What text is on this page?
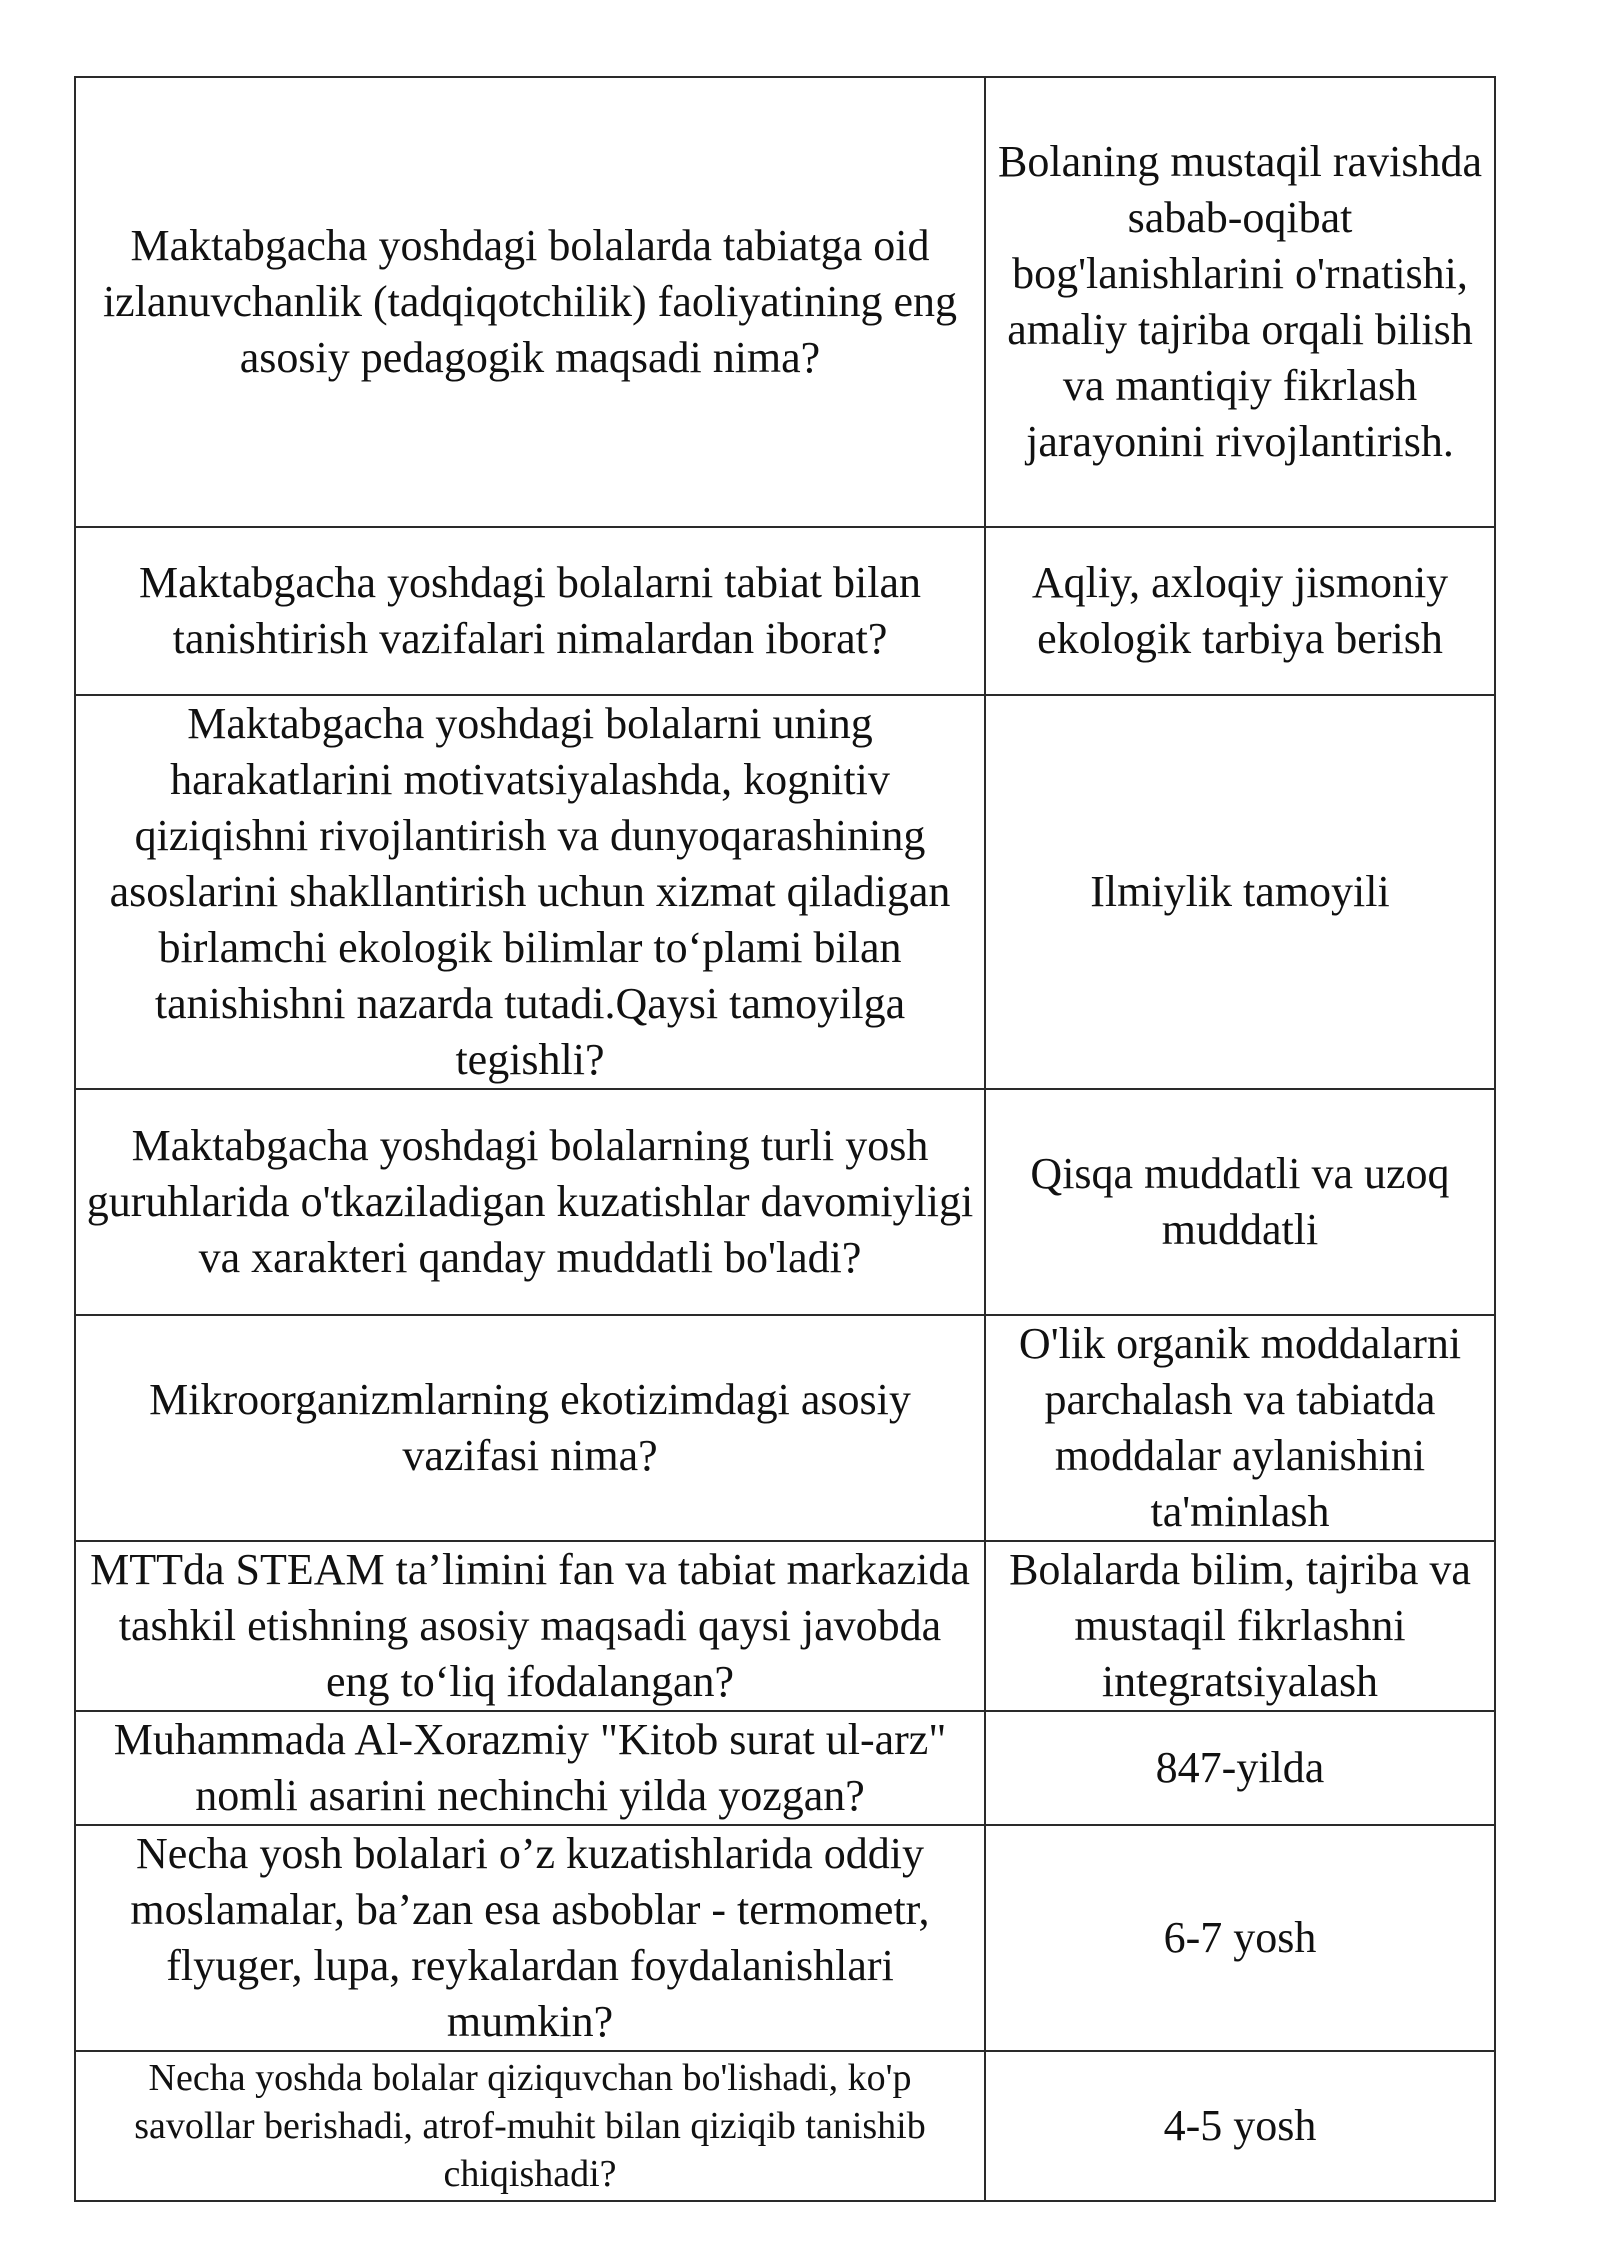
Maktabgacha yoshdagi bolalarda tabiatga oid izlanuvchanlik (tadqiqotchilik) faoliyatining eng asosiy pedagogik maqsadi nima?	Bolaning mustaqil ravishda sabab-oqibat bog'lanishlarini o'rnatishi, amaliy tajriba orqali bilish va mantiqiy fikrlash jarayonini rivojlantirish.
Maktabgacha yoshdagi bolalarni tabiat bilan tanishtirish vazifalari nimalardan iborat?	Aqliy, axloqiy jismoniy ekologik tarbiya berish
Maktabgacha yoshdagi bolalarni uning harakatlarini motivatsiyalashda, kognitiv qiziqishni rivojlantirish va dunyoqarashining asoslarini shakllantirish uchun xizmat qiladigan birlamchi ekologik bilimlar to‘plami bilan tanishishni nazarda tutadi.Qaysi tamoyilga tegishli?	Ilmiylik tamoyili
Maktabgacha yoshdagi bolalarning turli yosh guruhlarida o'tkaziladigan kuzatishlar davomiyligi va xarakteri qanday muddatli bo'ladi?	Qisqa muddatli va uzoq muddatli
Mikroorganizmlarning ekotizimdagi asosiy vazifasi nima?	O'lik organik moddalarni parchalash va tabiatda moddalar aylanishini ta'minlash
MTTda STEAM ta’limini fan va tabiat markazida tashkil etishning asosiy maqsadi qaysi javobda eng to‘liq ifodalangan?	Bolalarda bilim, tajriba va mustaqil fikrlashni integratsiyalash
Muhammada Al-Xorazmiy "Kitob surat ul-arz" nomli asarini nechinchi yilda yozgan?	847-yilda
Necha yosh bolalari o’z kuzatishlarida oddiy moslamalar, ba’zan esa asboblar - termometr, flyuger, lupa, reykalardan foydalanishlari mumkin?	6-7 yosh
Necha yoshda bolalar qiziquvchan bo'lishadi, ko'p savollar berishadi, atrof-muhit bilan qiziqib tanishib chiqishadi?	4-5 yosh
